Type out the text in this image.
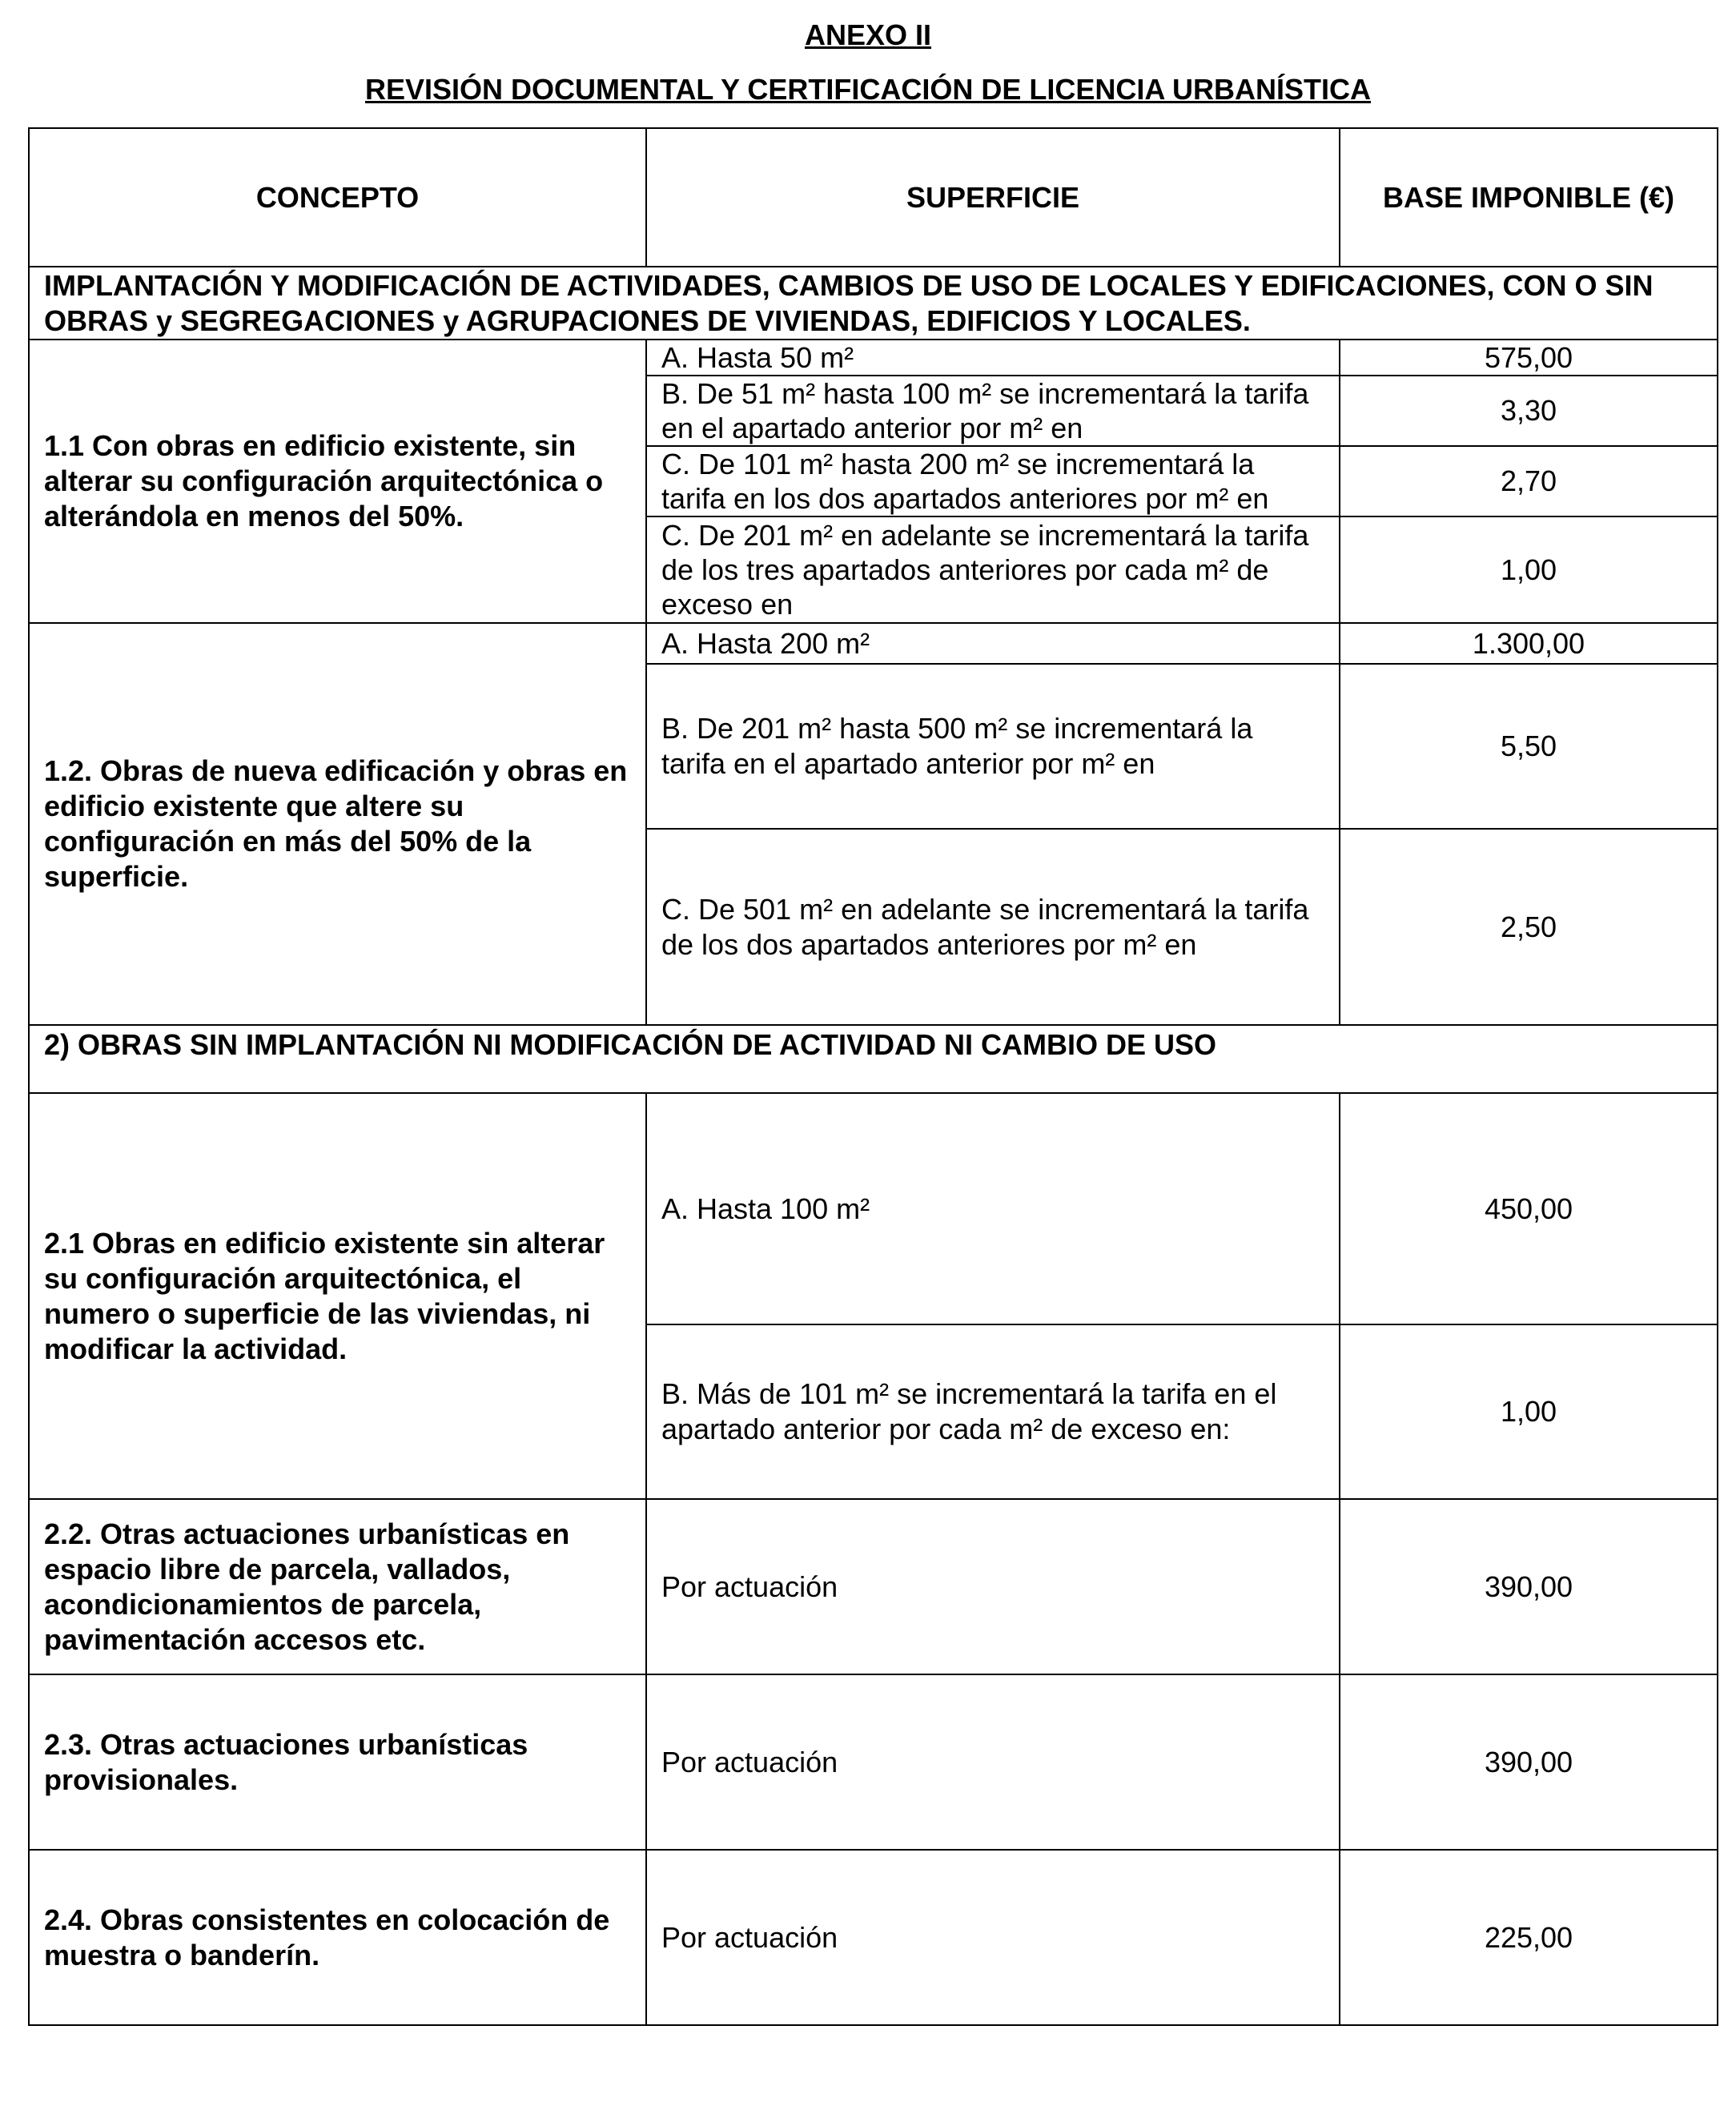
ANEXO II
REVISIÓN DOCUMENTAL Y CERTIFICACIÓN DE LICENCIA URBANÍSTICA
CONCEPTO	SUPERFICIE	BASE IMPONIBLE (€)
IMPLANTACIÓN Y MODIFICACIÓN DE ACTIVIDADES, CAMBIOS DE USO DE LOCALES Y EDIFICACIONES, CON O SIN OBRAS y SEGREGACIONES y AGRUPACIONES DE VIVIENDAS, EDIFICIOS Y LOCALES.		
1.1 Con obras en edificio existente, sin alterar su configuración arquitectónica o alterándola en menos del 50%.	A. Hasta 50 m²	575,00
	B. De 51 m² hasta 100 m² se incrementará la tarifa en el apartado anterior por m² en	3,30
	C. De 101 m² hasta 200 m² se incrementará la tarifa en los dos apartados anteriores por m² en	2,70
	C. De 201 m² en adelante se incrementará la tarifa de los tres apartados anteriores por cada m² de exceso en	1,00
1.2. Obras de nueva edificación y obras en edificio existente que altere su configuración en más del 50% de la superficie.	A. Hasta 200 m²	1.300,00
	B. De 201 m² hasta 500 m² se incrementará la tarifa en el apartado anterior por m² en	5,50
	C. De 501 m² en adelante se incrementará la tarifa de los dos apartados anteriores por m² en	2,50
2) OBRAS SIN IMPLANTACIÓN NI MODIFICACIÓN DE ACTIVIDAD NI CAMBIO DE USO		
2.1 Obras en edificio existente sin alterar su configuración arquitectónica, el numero o superficie de las viviendas, ni modificar la actividad.	A. Hasta 100 m²	450,00
	B. Más de 101 m² se incrementará la tarifa en el apartado anterior por cada m² de exceso en:	1,00
2.2. Otras actuaciones urbanísticas en espacio libre de parcela, vallados, acondicionamientos de parcela, pavimentación accesos etc.	Por actuación	390,00
2.3. Otras actuaciones urbanísticas provisionales.	Por actuación	390,00
2.4. Obras consistentes en colocación de muestra o banderín.	Por actuación	225,00
